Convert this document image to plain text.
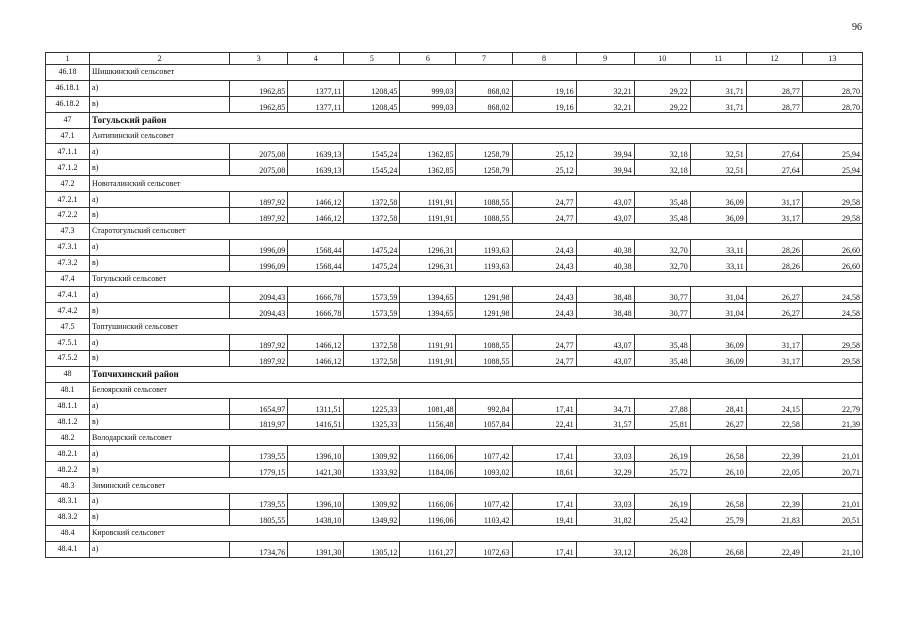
96
1	2	3	4	5	6	7	8	9	10	11	12	13
46.18	Шишкинский сельсовет											
46.18.1	а)	1962,85	1377,11	1208,45	999,03	868,02	19,16	32,21	29,22	31,71	28,77	28,70
46.18.2	в)	1962,85	1377,11	1208,45	999,03	868,02	19,16	32,21	29,22	31,71	28,77	28,70
47	Тогульский район											
47.1	Антипинский сельсовет											
47.1.1	а)	2075,08	1639,13	1545,24	1362,85	1258,79	25,12	39,94	32,18	32,51	27,64	25,94
47.1.2	в)	2075,08	1639,13	1545,24	1362,85	1258,79	25,12	39,94	32,18	32,51	27,64	25,94
47.2	Новоталинский сельсовет											
47.2.1	а)	1897,92	1466,12	1372,58	1191,91	1088,55	24,77	43,07	35,48	36,09	31,17	29,58
47.2.2	в)	1897,92	1466,12	1372,58	1191,91	1088,55	24,77	43,07	35,48	36,09	31,17	29,58
47.3	Старотогульский сельсовет											
47.3.1	а)	1996,09	1568,44	1475,24	1296,31	1193,63	24,43	40,38	32,70	33,11	28,26	26,60
47.3.2	в)	1996,09	1568,44	1475,24	1296,31	1193,63	24,43	40,38	32,70	33,11	28,26	26,60
47.4	Тогульский сельсовет											
47.4.1	а)	2094,43	1666,78	1573,59	1394,65	1291,98	24,43	38,48	30,77	31,04	26,27	24,58
47.4.2	в)	2094,43	1666,78	1573,59	1394,65	1291,98	24,43	38,48	30,77	31,04	26,27	24,58
47.5	Топтушинский сельсовет											
47.5.1	а)	1897,92	1466,12	1372,58	1191,91	1088,55	24,77	43,07	35,48	36,09	31,17	29,58
47.5.2	в)	1897,92	1466,12	1372,58	1191,91	1088,55	24,77	43,07	35,48	36,09	31,17	29,58
48	Топчихинский район											
48.1	Белоярский сельсовет											
48.1.1	а)	1654,97	1311,51	1225,33	1081,48	992,84	17,41	34,71	27,88	28,41	24,15	22,79
48.1.2	в)	1819,97	1416,51	1325,33	1156,48	1057,84	22,41	31,57	25,81	26,27	22,58	21,39
48.2	Володарский сельсовет											
48.2.1	а)	1739,55	1396,10	1309,92	1166,06	1077,42	17,41	33,03	26,19	26,58	22,39	21,01
48.2.2	в)	1779,15	1421,30	1333,92	1184,06	1093,02	18,61	32,29	25,72	26,10	22,05	20,71
48.3	Зиминский сельсовет											
48.3.1	а)	1739,55	1396,10	1309,92	1166,06	1077,42	17,41	33,03	26,19	26,58	22,39	21,01
48.3.2	в)	1805,55	1438,10	1349,92	1196,06	1103,42	19,41	31,82	25,42	25,79	21,83	20,51
48.4	Кировский сельсовет											
48.4.1	а)	1734,76	1391,30	1305,12	1161,27	1072,63	17,41	33,12	26,28	26,68	22,49	21,10
